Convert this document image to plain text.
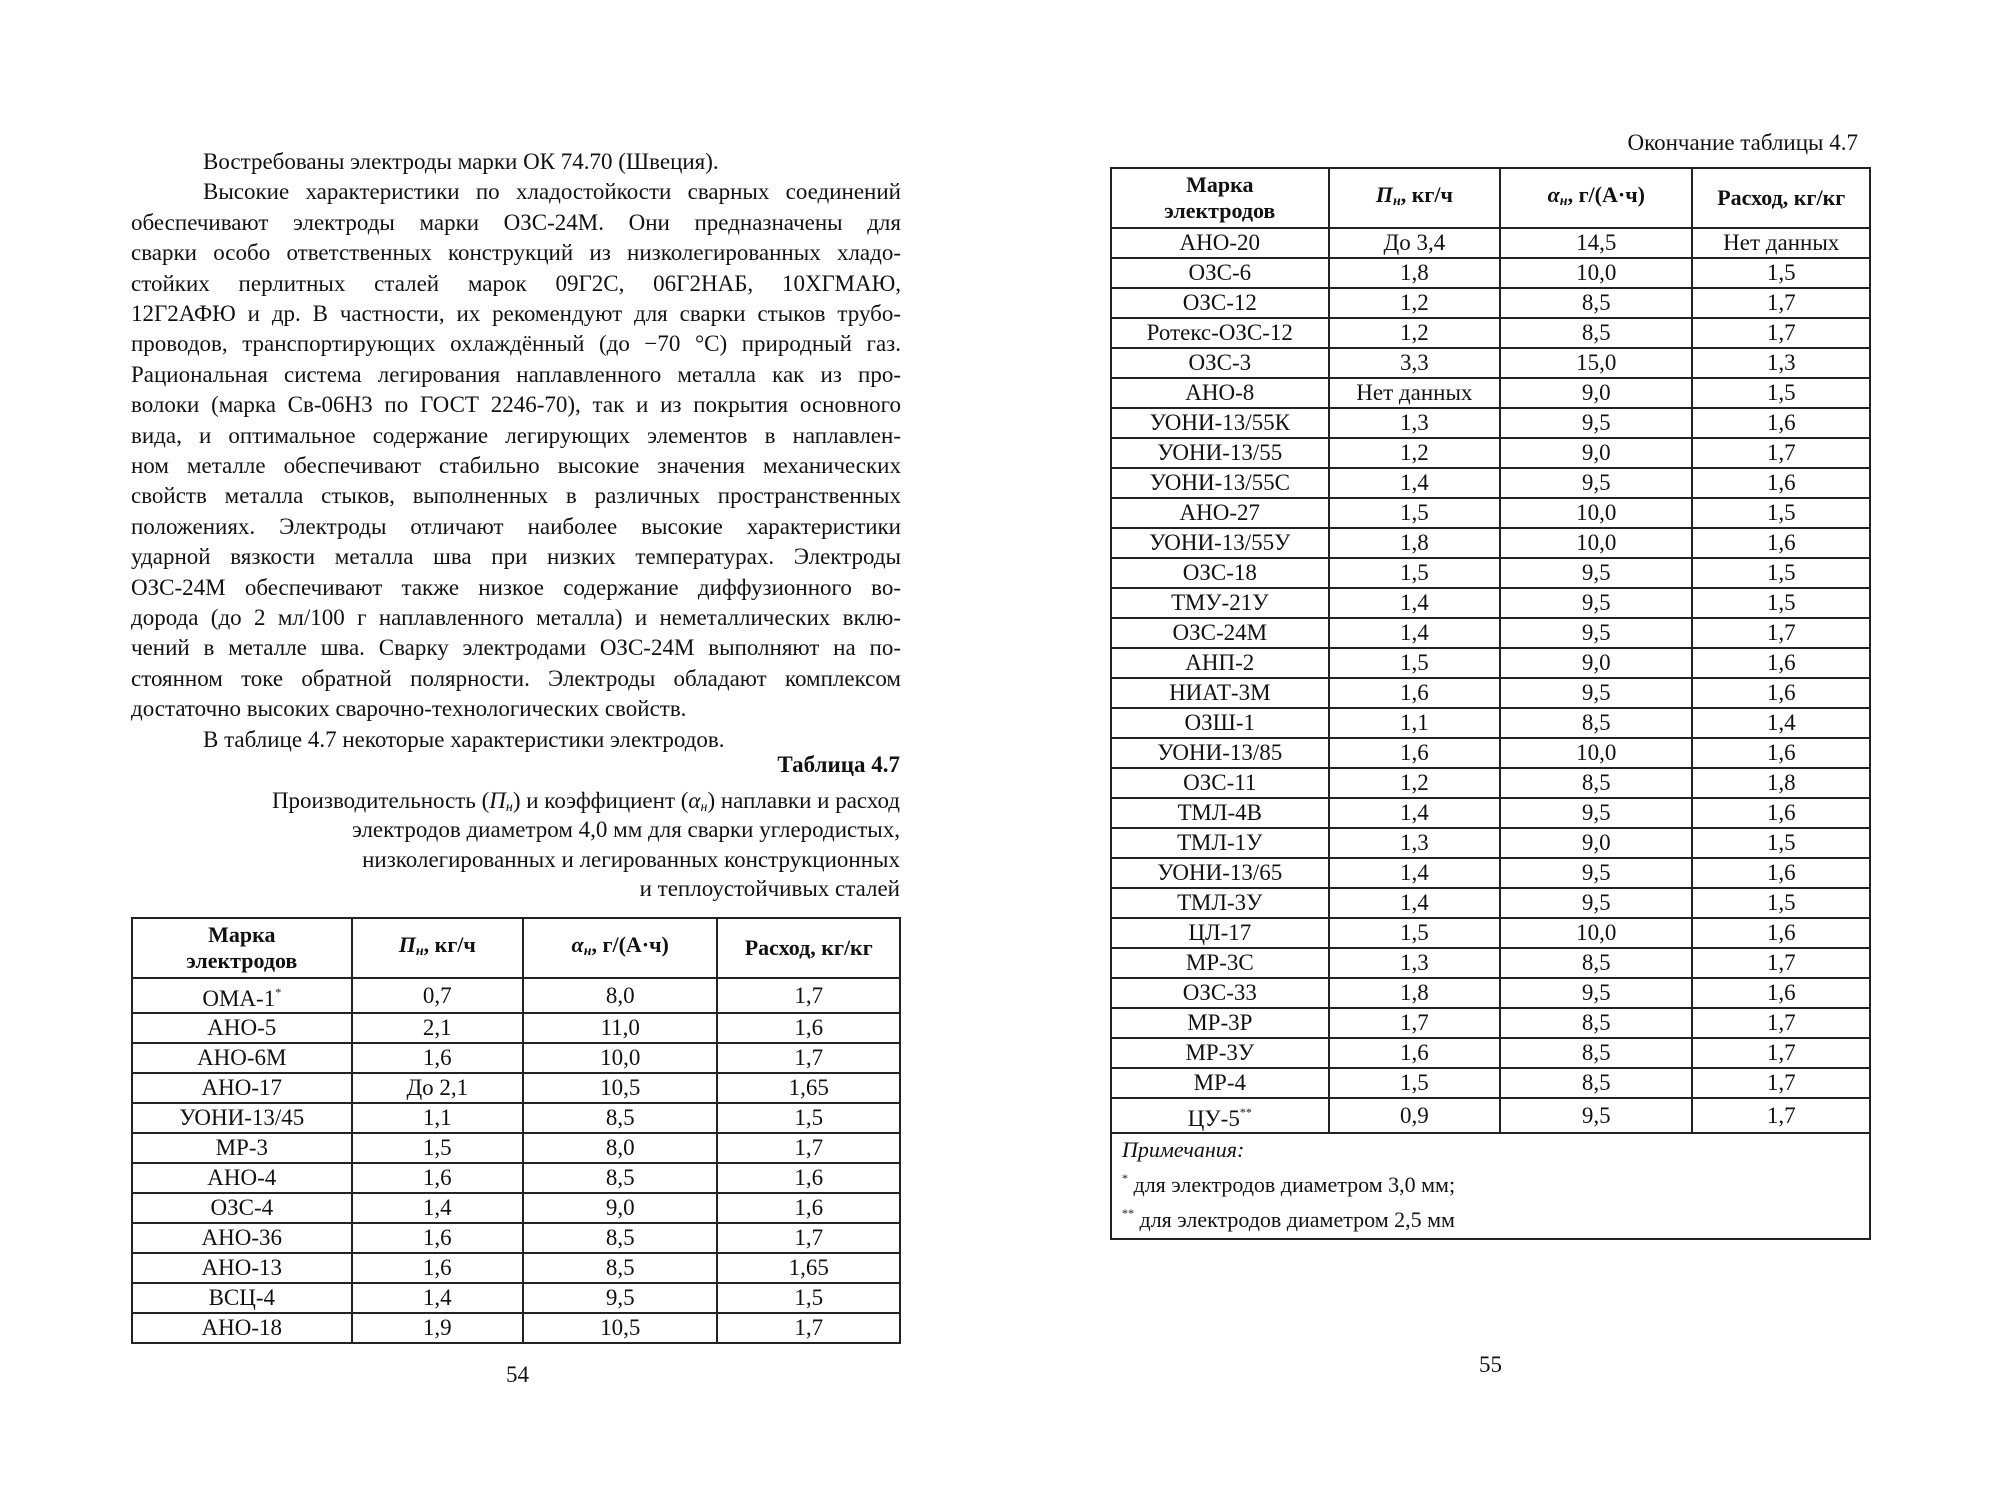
Востребованы электроды марки ОК 74.70 (Швеция).
Высокие характеристики по хладостойкости сварных соединений
обеспечивают электроды марки ОЗС-24М. Они предназначены для
сварки особо ответственных конструкций из низколегированных хладо-
стойких перлитных сталей марок 09Г2С, 06Г2НАБ, 10ХГМАЮ,
12Г2АФЮ и др. В частности, их рекомендуют для сварки стыков трубо-
проводов, транспортирующих охлаждённый (до −70 °С) природный газ.
Рациональная система легирования наплавленного металла как из про-
волоки (марка Св-06Н3 по ГОСТ 2246-70), так и из покрытия основного
вида, и оптимальное содержание легирующих элементов в наплавлен-
ном металле обеспечивают стабильно высокие значения механических
свойств металла стыков, выполненных в различных пространственных
положениях. Электроды отличают наиболее высокие характеристики
ударной вязкости металла шва при низких температурах. Электроды
ОЗС-24М обеспечивают также низкое содержание диффузионного во-
дорода (до 2 мл/100 г наплавленного металла) и неметаллических вклю-
чений в металле шва. Сварку электродами ОЗС-24М выполняют на по-
стоянном токе обратной полярности. Электроды обладают комплексом
достаточно высоких сварочно-технологических свойств.
В таблице 4.7 некоторые характеристики электродов.
Таблица 4.7
Производительность $(П_н)$ и коэффициент $(\alpha_н)$ наплавки и расход
электродов диаметром 4,0 мм для сварки углеродистых,
низколегированных и легированных конструкционных
и теплоустойчивых сталей
Марка
электродов	$П_н$, кг/ч	$\alpha_н$, г/(А·ч)	Расход, кг/кг
ОМА-1*	0,7	8,0	1,7
АНО-5	2,1	11,0	1,6
АНО-6М	1,6	10,0	1,7
АНО-17	До 2,1	10,5	1,65
УОНИ-13/45	1,1	8,5	1,5
МР-3	1,5	8,0	1,7
АНО-4	1,6	8,5	1,6
ОЗС-4	1,4	9,0	1,6
АНО-36	1,6	8,5	1,7
АНО-13	1,6	8,5	1,65
ВСЦ-4	1,4	9,5	1,5
АНО-18	1,9	10,5	1,7
54
Окончание таблицы 4.7
Марка
электродов	$П_н$, кг/ч	$\alpha_н$, г/(А·ч)	Расход, кг/кг
АНО-20	До 3,4	14,5	Нет данных
ОЗС-6	1,8	10,0	1,5
ОЗС-12	1,2	8,5	1,7
Ротекс-ОЗС-12	1,2	8,5	1,7
ОЗС-3	3,3	15,0	1,3
АНО-8	Нет данных	9,0	1,5
УОНИ-13/55К	1,3	9,5	1,6
УОНИ-13/55	1,2	9,0	1,7
УОНИ-13/55С	1,4	9,5	1,6
АНО-27	1,5	10,0	1,5
УОНИ-13/55У	1,8	10,0	1,6
ОЗС-18	1,5	9,5	1,5
ТМУ-21У	1,4	9,5	1,5
ОЗС-24М	1,4	9,5	1,7
АНП-2	1,5	9,0	1,6
НИАТ-3М	1,6	9,5	1,6
ОЗШ-1	1,1	8,5	1,4
УОНИ-13/85	1,6	10,0	1,6
ОЗС-11	1,2	8,5	1,8
ТМЛ-4В	1,4	9,5	1,6
ТМЛ-1У	1,3	9,0	1,5
УОНИ-13/65	1,4	9,5	1,6
ТМЛ-3У	1,4	9,5	1,5
ЦЛ-17	1,5	10,0	1,6
МР-3С	1,3	8,5	1,7
ОЗС-33	1,8	9,5	1,6
МР-3Р	1,7	8,5	1,7
МР-3У	1,6	8,5	1,7
МР-4	1,5	8,5	1,7
ЦУ-5**	0,9	9,5	1,7

Примечания:
* для электродов диаметром 3,0 мм;
** для электродов диаметром 2,5 мм			
55
